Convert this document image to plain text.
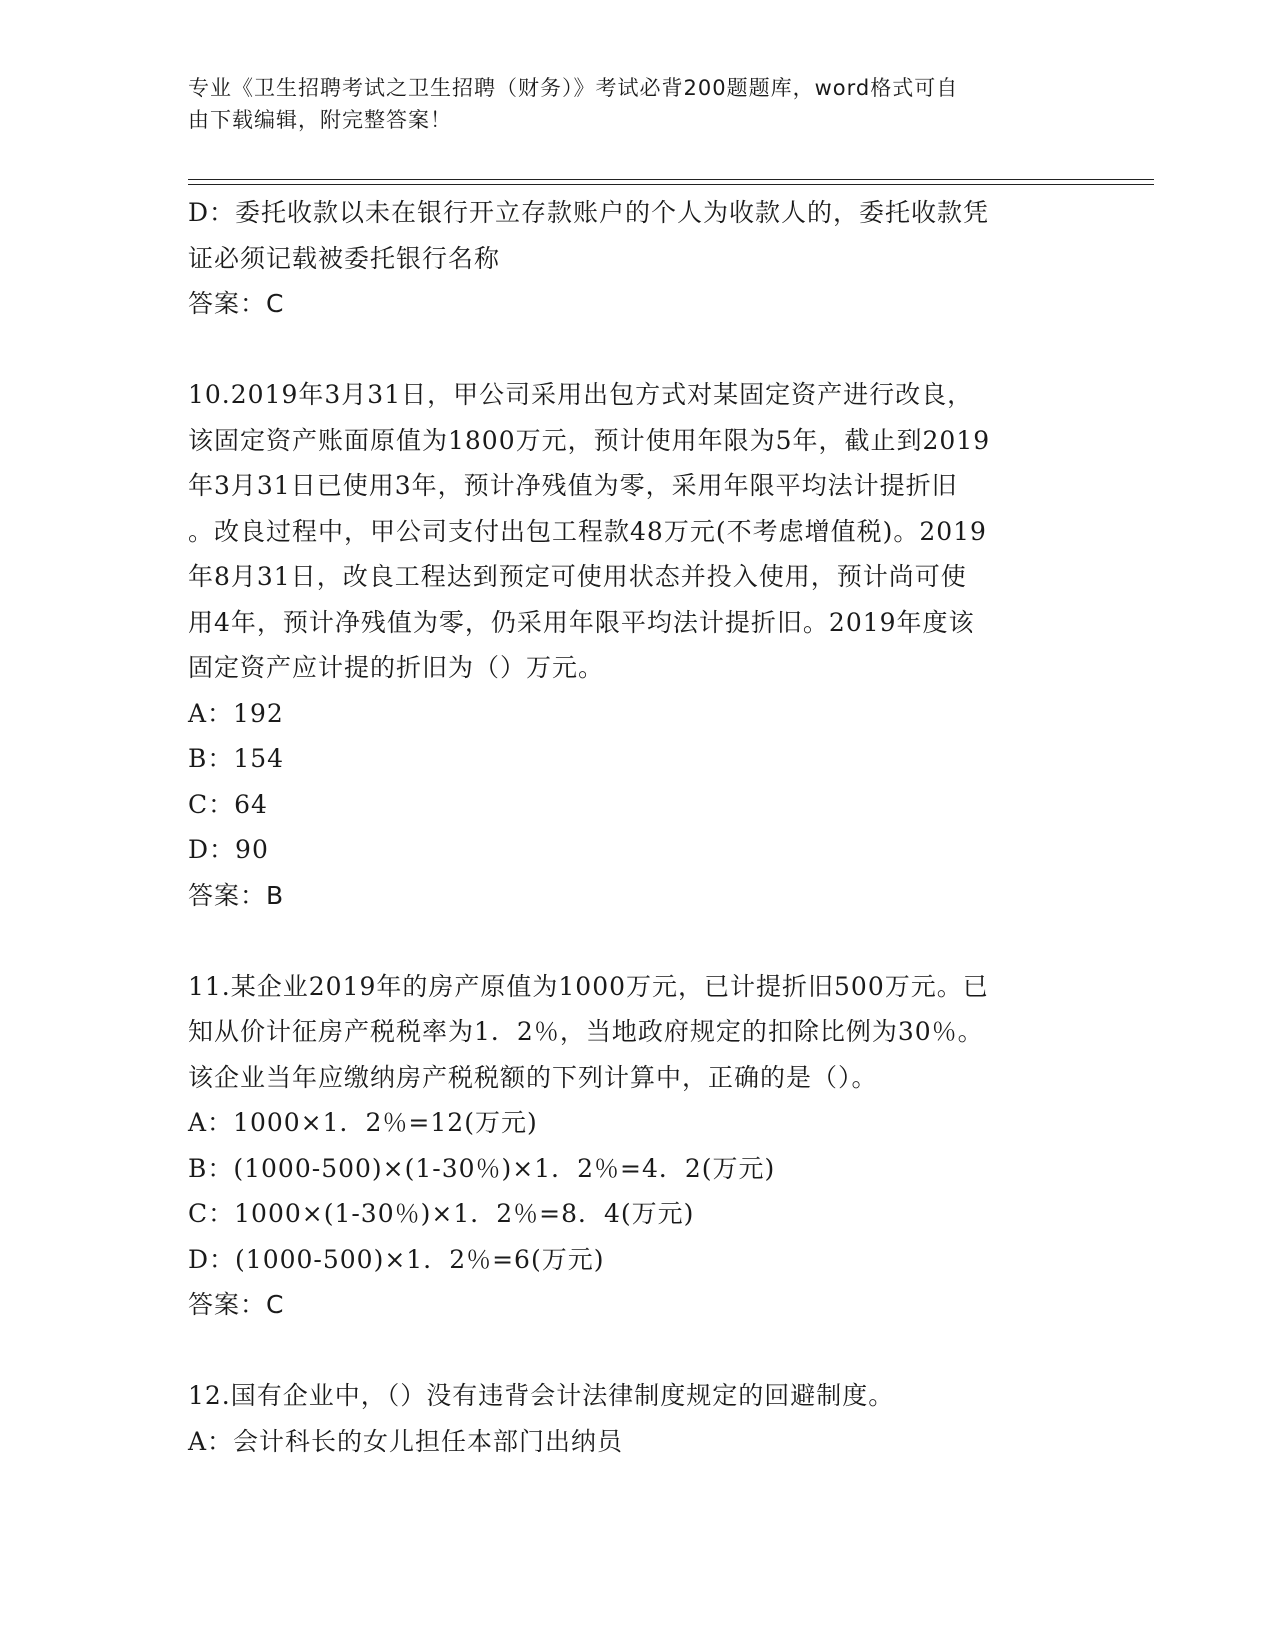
专业《卫生招聘考试之卫生招聘（财务）》考试必背200题题库，word格式可自
由下载编辑，附完整答案！
D：委托收款以未在银行开立存款账户的个人为收款人的，委托收款凭
证必须记载被委托银行名称
答案：C
10.2019年3月31日，甲公司采用出包方式对某固定资产进行改良，
该固定资产账面原值为1800万元，预计使用年限为5年，截止到2019
年3月31日已使用3年，预计净残值为零，采用年限平均法计提折旧
。改良过程中，甲公司支付出包工程款48万元(不考虑增值税)。2019
年8月31日，改良工程达到预定可使用状态并投入使用，预计尚可使
用4年，预计净残值为零，仍采用年限平均法计提折旧。2019年度该
固定资产应计提的折旧为（）万元。
A：192
B：154
C：64
D：90
答案：B
11.某企业2019年的房产原值为1000万元，已计提折旧500万元。已
知从价计征房产税税率为1．2％，当地政府规定的扣除比例为30％。
该企业当年应缴纳房产税税额的下列计算中，正确的是（）。
A：1000×1．2％=12(万元)
B：(1000-500)×(1-30％)×1．2％=4．2(万元)
C：1000×(1-30％)×1．2％=8．4(万元)
D：(1000-500)×1．2％=6(万元)
答案：C
12.国有企业中，（）没有违背会计法律制度规定的回避制度。
A：会计科长的女儿担任本部门出纳员
